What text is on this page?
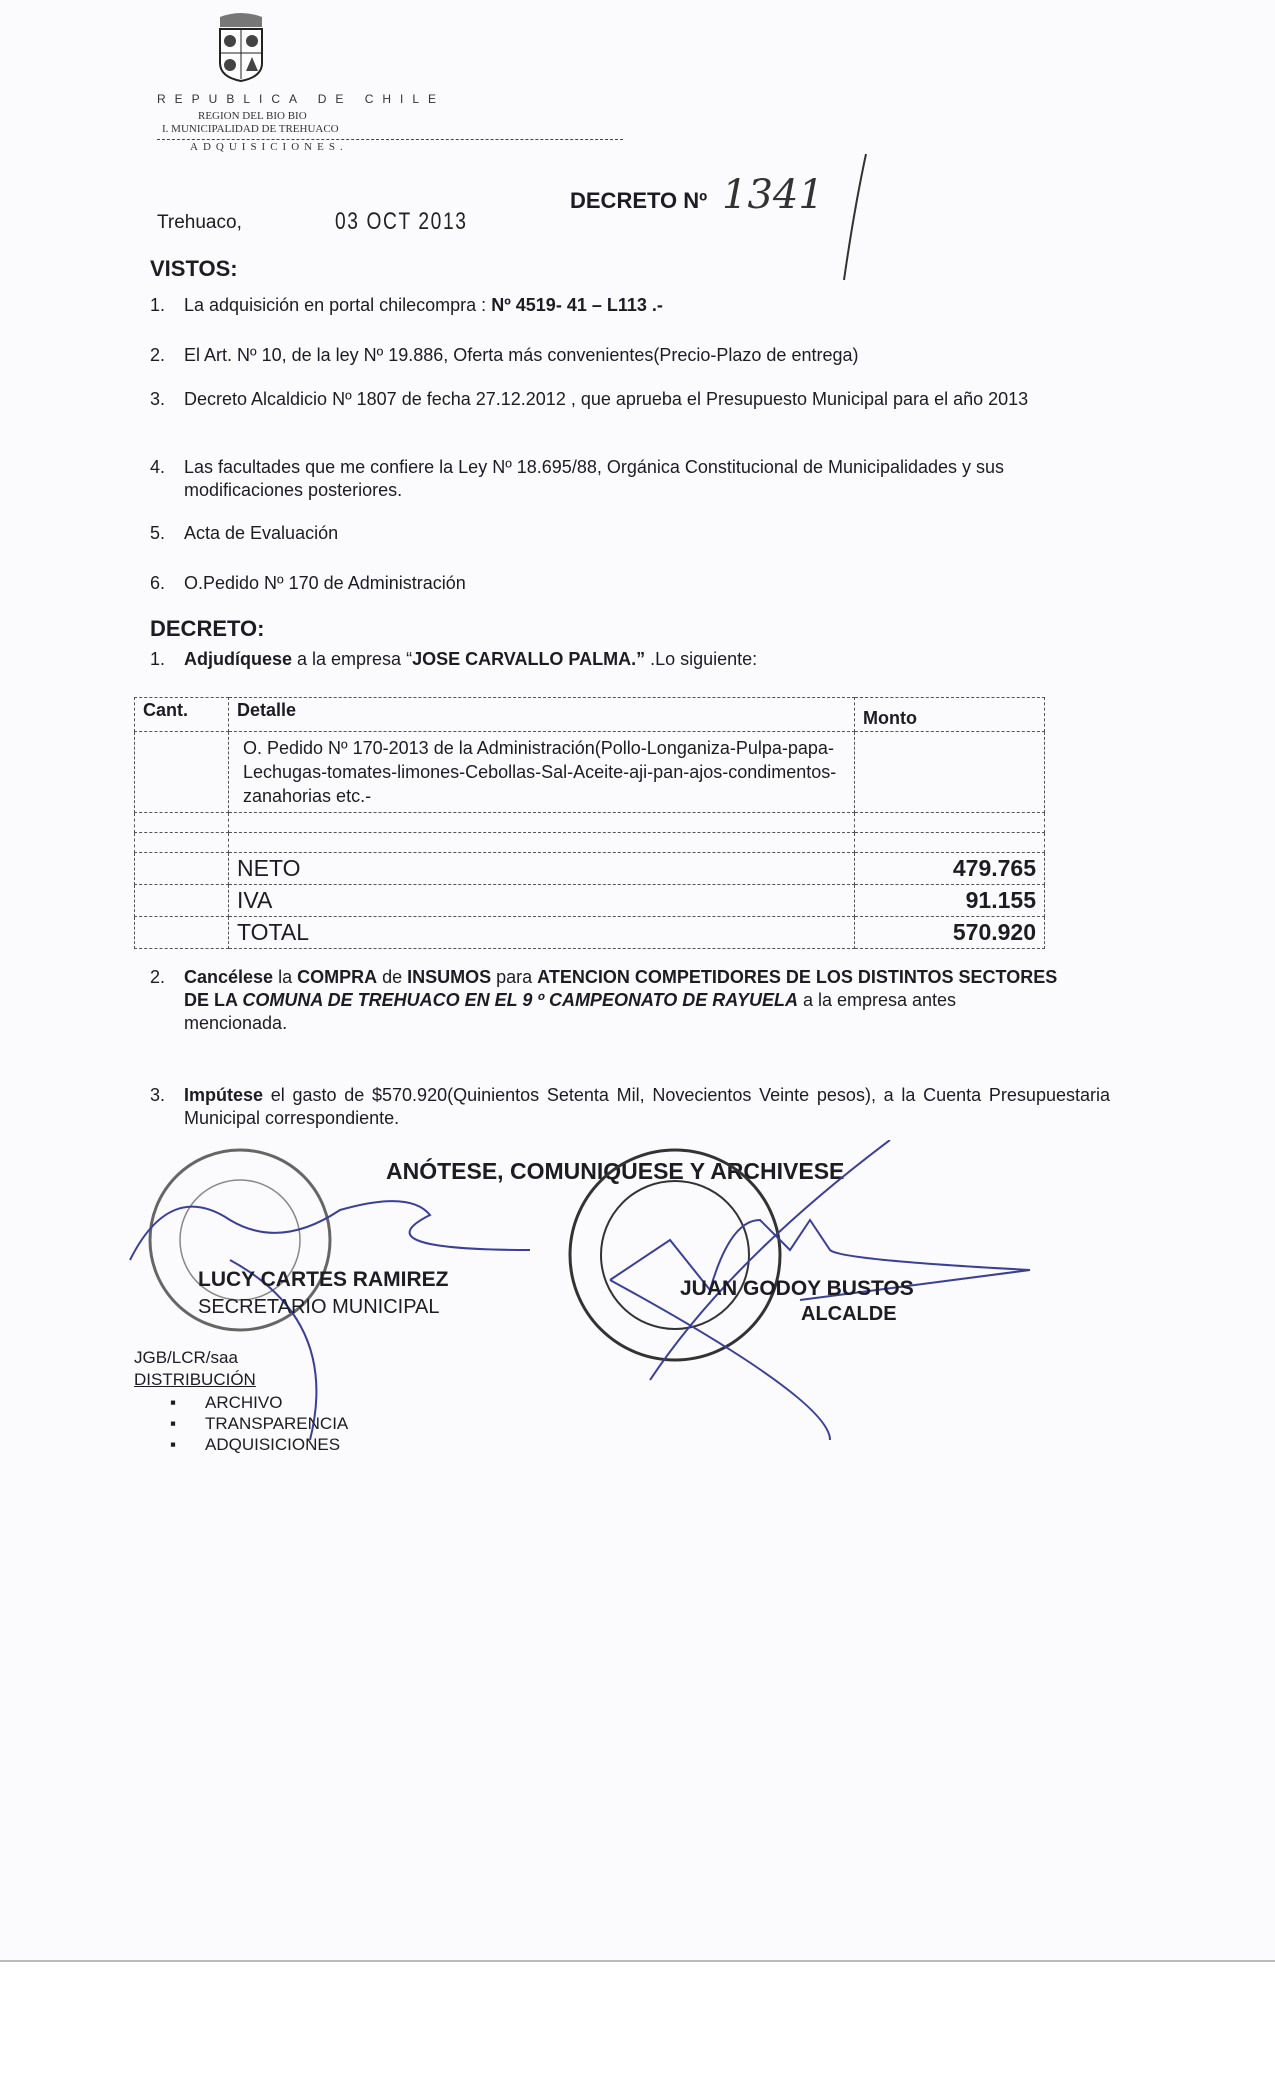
REPUBLICA DE CHILE
REGION DEL BIO BIO
I. MUNICIPALIDAD DE TREHUACO
ADQUISICIONES.
Trehuaco,	03 OCT 2013
DECRETO Nº 1341
VISTOS:
1. La adquisición en portal chilecompra : Nº 4519- 41 – L113 .-
2. El Art. Nº 10, de la ley Nº 19.886, Oferta más convenientes(Precio-Plazo de entrega)
3.	Decreto Alcaldicio Nº 1807 de fecha 27.12.2012 , que aprueba el Presupuesto Municipal para el año 2013
4.	Las facultades que me confiere la Ley Nº 18.695/88, Orgánica Constitucional de Municipalidades y sus modificaciones posteriores.
5. Acta de Evaluación
6. O.Pedido Nº 170 de Administración
DECRETO:
1. Adjudíquese a la empresa “JOSE CARVALLO PALMA.” .Lo siguiente:
Cant.	Detalle	Monto
	O. Pedido Nº 170-2013 de la Administración(Pollo-Longaniza-Pulpa-papa-Lechugas-tomates-limones-Cebollas-Sal-Aceite-aji-pan-ajos-condimentos-zanahorias etc.-	

	NETO	479.765
	IVA	91.155
	TOTAL	570.920
2.	Cancélese la COMPRA de INSUMOS para ATENCION COMPETIDORES DE LOS DISTINTOS SECTORES DE LA COMUNA DE TREHUACO EN EL 9 º CAMPEONATO DE RAYUELA a la empresa antes mencionada.
3.	Impútese el gasto de $570.920(Quinientos Setenta Mil, Novecientos Veinte pesos), a la Cuenta Presupuestaria Municipal correspondiente.
ANÓTESE, COMUNIQUESE Y ARCHIVESE
LUCY CARTES RAMIREZ
SECRETARIO MUNICIPAL
JUAN GODOY BUSTOS
ALCALDE
JGB/LCR/saa
DISTRIBUCIÓN
▪ ARCHIVO
▪ TRANSPARENCIA
▪ ADQUISICIONES
